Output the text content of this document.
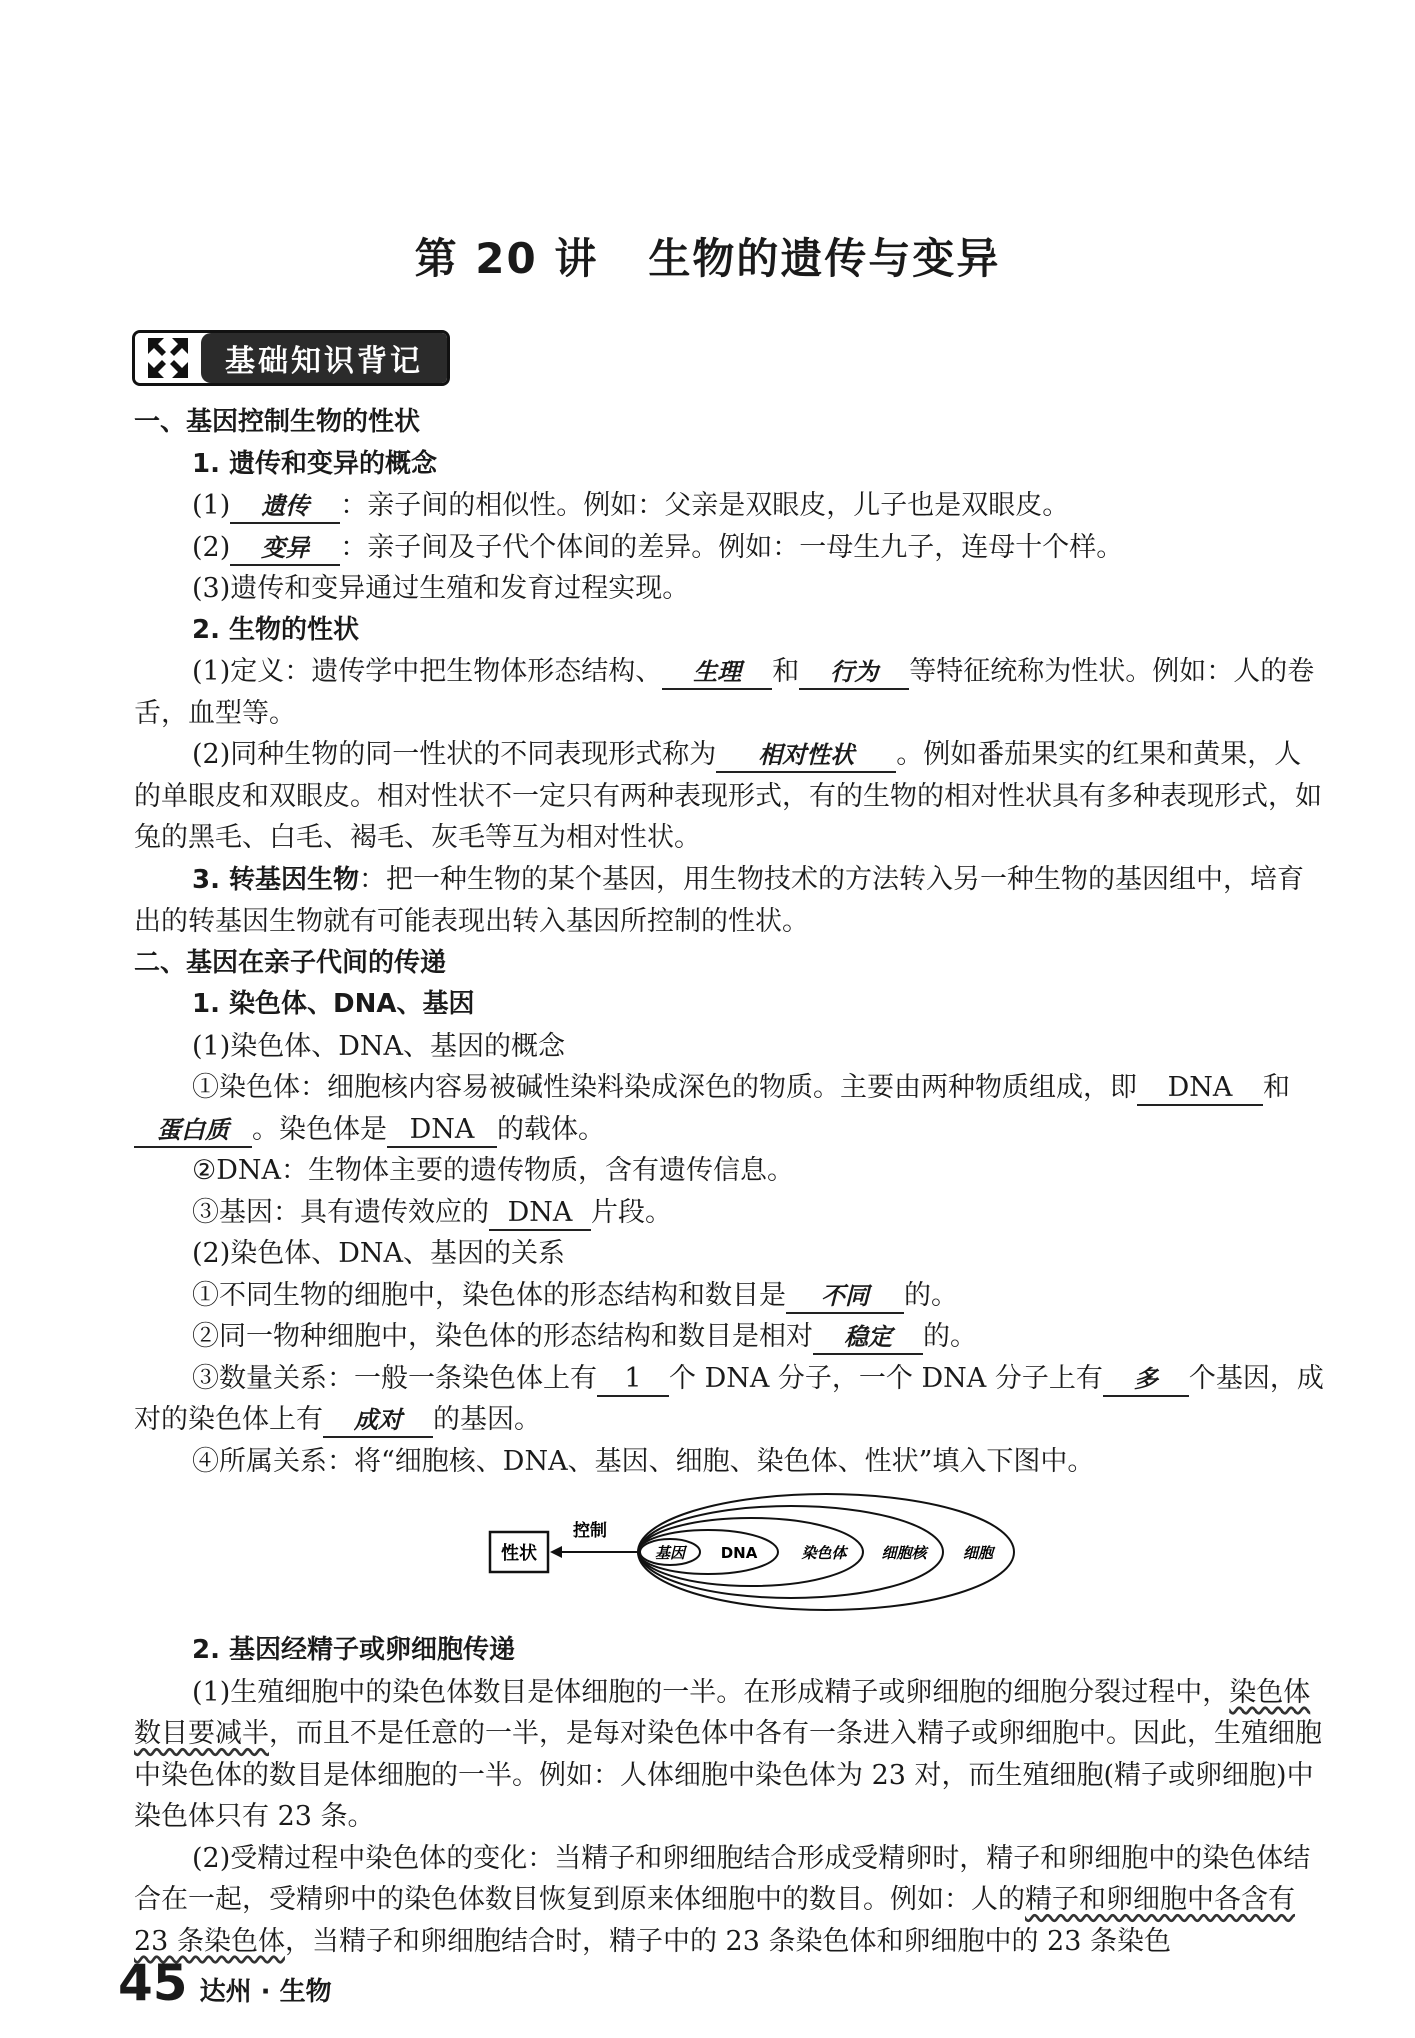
第 20 讲 生物的遗传与变异
基础知识背记

一、基因控制生物的性状

1. 遗传和变异的概念

(1) 遗传 ：亲子间的相似性。例如：父亲是双眼皮，儿子也是双眼皮。

(2) 变异 ：亲子间及子代个体间的差异。例如：一母生九子，连母十个样。

(3)遗传和变异通过生殖和发育过程实现。

2. 生物的性状

(1)定义：遗传学中把生物体形态结构、 生理 和 行为 等特征统称为性状。例如：人的卷舌，血型等。

(2)同种生物的同一性状的不同表现形式称为 相对性状 。例如番茄果实的红果和黄果，人的单眼皮和双眼皮。相对性状不一定只有两种表现形式，有的生物的相对性状具有多种表现形式，如兔的黑毛、白毛、褐毛、灰毛等互为相对性状。

3. 转基因生物：把一种生物的某个基因，用生物技术的方法转入另一种生物的基因组中，培育出的转基因生物就有可能表现出转入基因所控制的性状。

二、基因在亲子代间的传递

1. 染色体、DNA、基因

(1)染色体、DNA、基因的概念

①染色体：细胞核内容易被碱性染料染成深色的物质。主要由两种物质组成，即 DNA 和蛋白质 。染色体是 DNA 的载体。

②DNA：生物体主要的遗传物质，含有遗传信息。

③基因：具有遗传效应的 DNA 片段。

(2)染色体、DNA、基因的关系

①不同生物的细胞中，染色体的形态结构和数目是 不同 的。

②同一物种细胞中，染色体的形态结构和数目是相对 稳定 的。

③数量关系：一般一条染色体上有 1 个 DNA 分子，一个 DNA 分子上有 多 个基因，成对的染色体上有 成对 的基因。

④所属关系：将“细胞核、DNA、基因、细胞、染色体、性状”填入下图中。

性状
控制
基因 DNA	染色体 细胞核 细胞

2. 基因经精子或卵细胞传递

(1)生殖细胞中的染色体数目是体细胞的一半。在形成精子或卵细胞的细胞分裂过程中，染色体数目要减半，而且不是任意的一半，是每对染色体中各有一条进入精子或卵细胞中。因此，生殖细胞中染色体的数目是体细胞的一半。例如：人体细胞中染色体为 23 对，而生殖细胞(精子或卵细胞)中染色体只有 23 条。

(2)受精过程中染色体的变化：当精子和卵细胞结合形成受精卵时，精子和卵细胞中的染色体结合在一起，受精卵中的染色体数目恢复到原来体细胞中的数目。例如：人的精子和卵细胞中各含有 23 条染色体，当精子和卵细胞结合时，精子中的 23 条染色体和卵细胞中的 23 条染色

45 达州 · 生物
